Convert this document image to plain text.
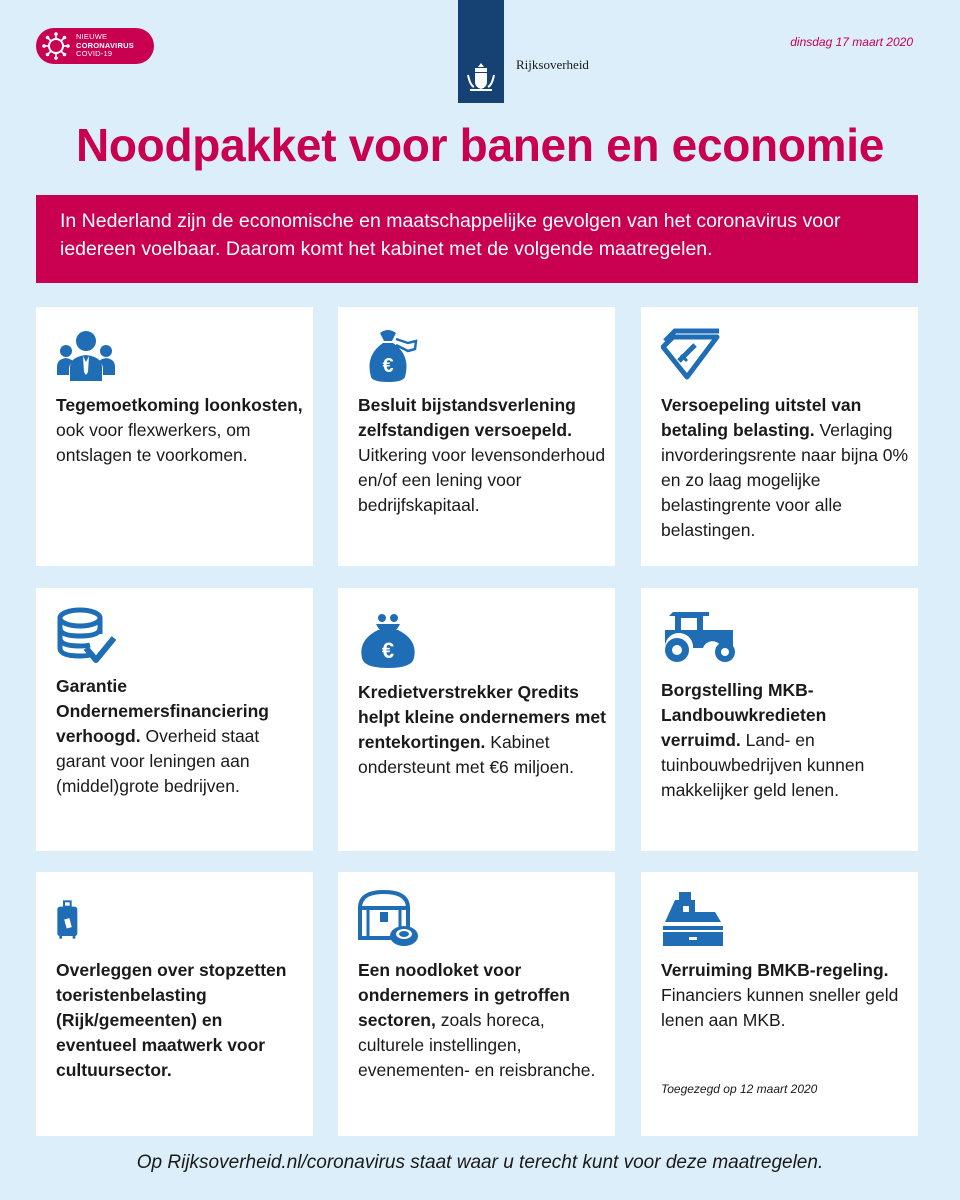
NIEUWE
CORONAVIRUS
COVID-19
Rijksoverheid
dinsdag 17 maart 2020
Noodpakket voor banen en economie
In Nederland zijn de economische en maatschappelijke gevolgen van het coronavirus voor iedereen voelbaar. Daarom komt het kabinet met de volgende maatregelen.
Tegemoetkoming loonkosten, ook voor flexwerkers, om ontslagen te voorkomen.
€
Besluit bijstandsverlening zelfstandigen versoepeld. Uitkering voor levensonderhoud en/of een lening voor bedrijfskapitaal.
Versoepeling uitstel van betaling belasting. Verlaging invorderingsrente naar bijna 0% en zo laag mogelijke belastingrente voor alle belastingen.
Garantie Ondernemersfinanciering verhoogd. Overheid staat garant voor leningen aan (middel)grote bedrijven.
€
Kredietverstrekker Qredits helpt kleine ondernemers met rentekortingen. Kabinet ondersteunt met €6 miljoen.
Borgstelling MKB-Landbouwkredieten verruimd. Land- en tuinbouwbedrijven kunnen makkelijker geld lenen.
Overleggen over stopzetten toeristenbelasting (Rijk/gemeenten) en eventueel maatwerk voor cultuursector.
Een noodloket voor ondernemers in getroffen sectoren, zoals horeca, culturele instellingen, evenementen- en reisbranche.
Verruiming BMKB-regeling. Financiers kunnen sneller geld lenen aan MKB.
Toegezegd op 12 maart 2020
Op Rijksoverheid.nl/coronavirus staat waar u terecht kunt voor deze maatregelen.
